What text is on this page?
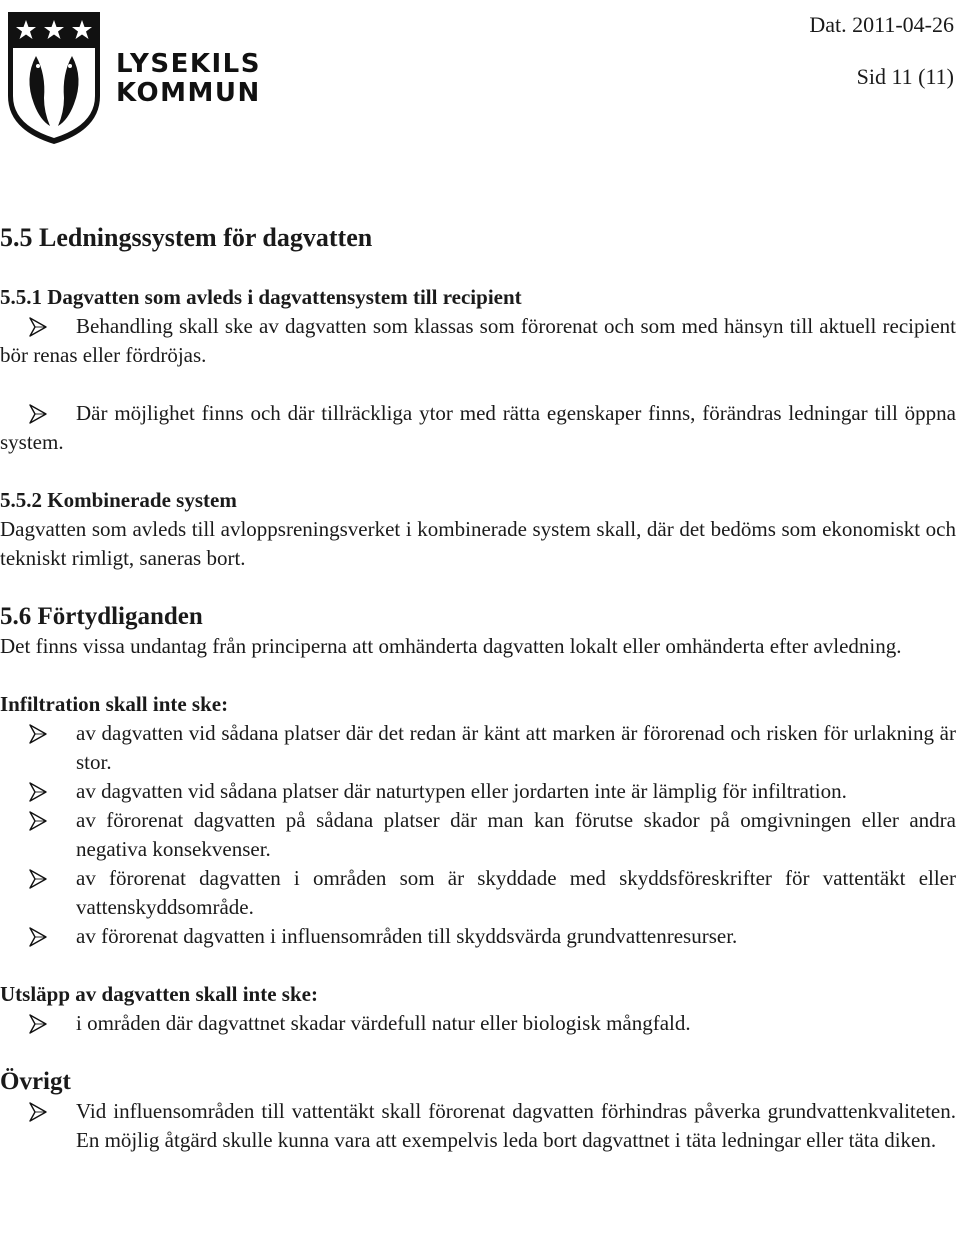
LYSEKILS
KOMMUN
Dat. 2011-04-26
Sid 11 (11)
5.5 Ledningssystem för dagvatten
5.5.1 Dagvatten som avleds i dagvattensystem till recipient
Behandling skall ske av dagvatten som klassas som förorenat och som med hänsyn till aktuell recipient bör renas eller fördröjas.
Där möjlighet finns och där tillräckliga ytor med rätta egenskaper finns, förändras ledningar till öppna system.
5.5.2 Kombinerade system

Dagvatten som avleds till avloppsreningsverket i kombinerade system skall, där det bedöms som ekonomiskt och tekniskt rimligt, saneras bort.

5.6 Förtydliganden

Det finns vissa undantag från principerna att omhänderta dagvatten lokalt eller omhänderta efter avledning.

Infiltration skall inte ske:
av dagvatten vid sådana platser där det redan är känt att marken är förorenad och risken för urlakning är stor.
av dagvatten vid sådana platser där naturtypen eller jordarten inte är lämplig för infiltration.
av förorenat dagvatten på sådana platser där man kan förutse skador på omgivningen eller andra negativa konsekvenser.
av förorenat dagvatten i områden som är skyddade med skyddsföreskrifter för vattentäkt eller vattenskyddsområde.
av förorenat dagvatten i influensområden till skyddsvärda grundvattenresurser.
Utsläpp av dagvatten skall inte ske:
i områden där dagvattnet skadar värdefull natur eller biologisk mångfald.
Övrigt
Vid influensområden till vattentäkt skall förorenat dagvatten förhindras påverka grundvattenkvaliteten. En möjlig åtgärd skulle kunna vara att exempelvis leda bort dagvattnet i täta ledningar eller täta diken.
